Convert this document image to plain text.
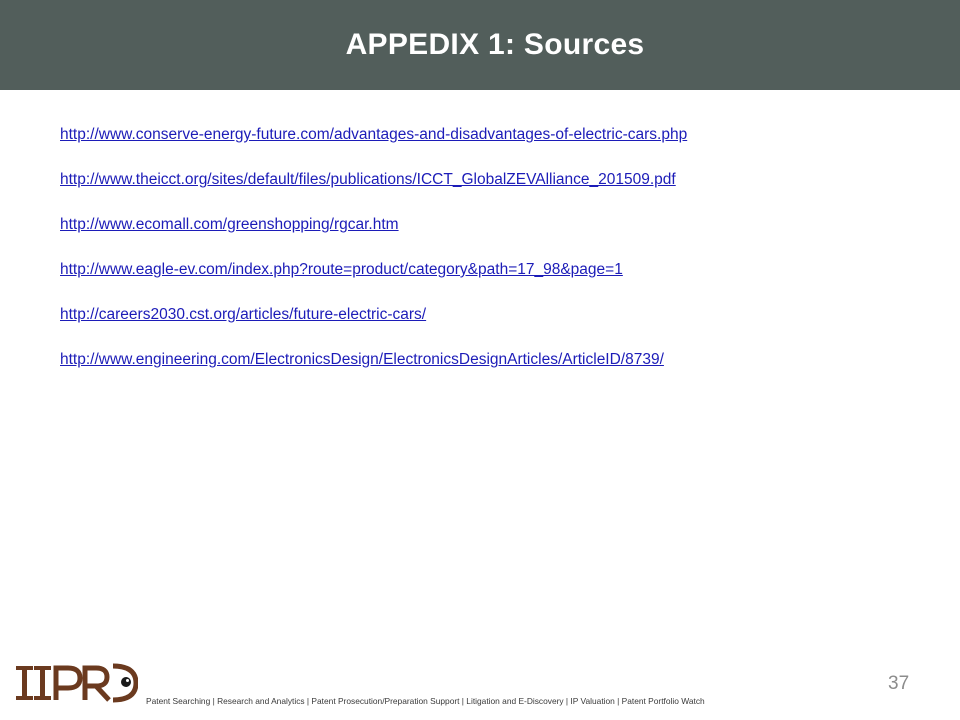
APPEDIX 1: Sources
http://www.conserve-energy-future.com/advantages-and-disadvantages-of-electric-cars.php
http://www.theicct.org/sites/default/files/publications/ICCT_GlobalZEVAlliance_201509.pdf
http://www.ecomall.com/greenshopping/rgcar.htm
http://www.eagle-ev.com/index.php?route=product/category&path=17_98&page=1
http://careers2030.cst.org/articles/future-electric-cars/
http://www.engineering.com/ElectronicsDesign/ElectronicsDesignArticles/ArticleID/8739/
Patent Searching | Research and Analytics | Patent Prosecution/Preparation Support | Litigation and E-Discovery | IP Valuation | Patent Portfolio Watch
37
